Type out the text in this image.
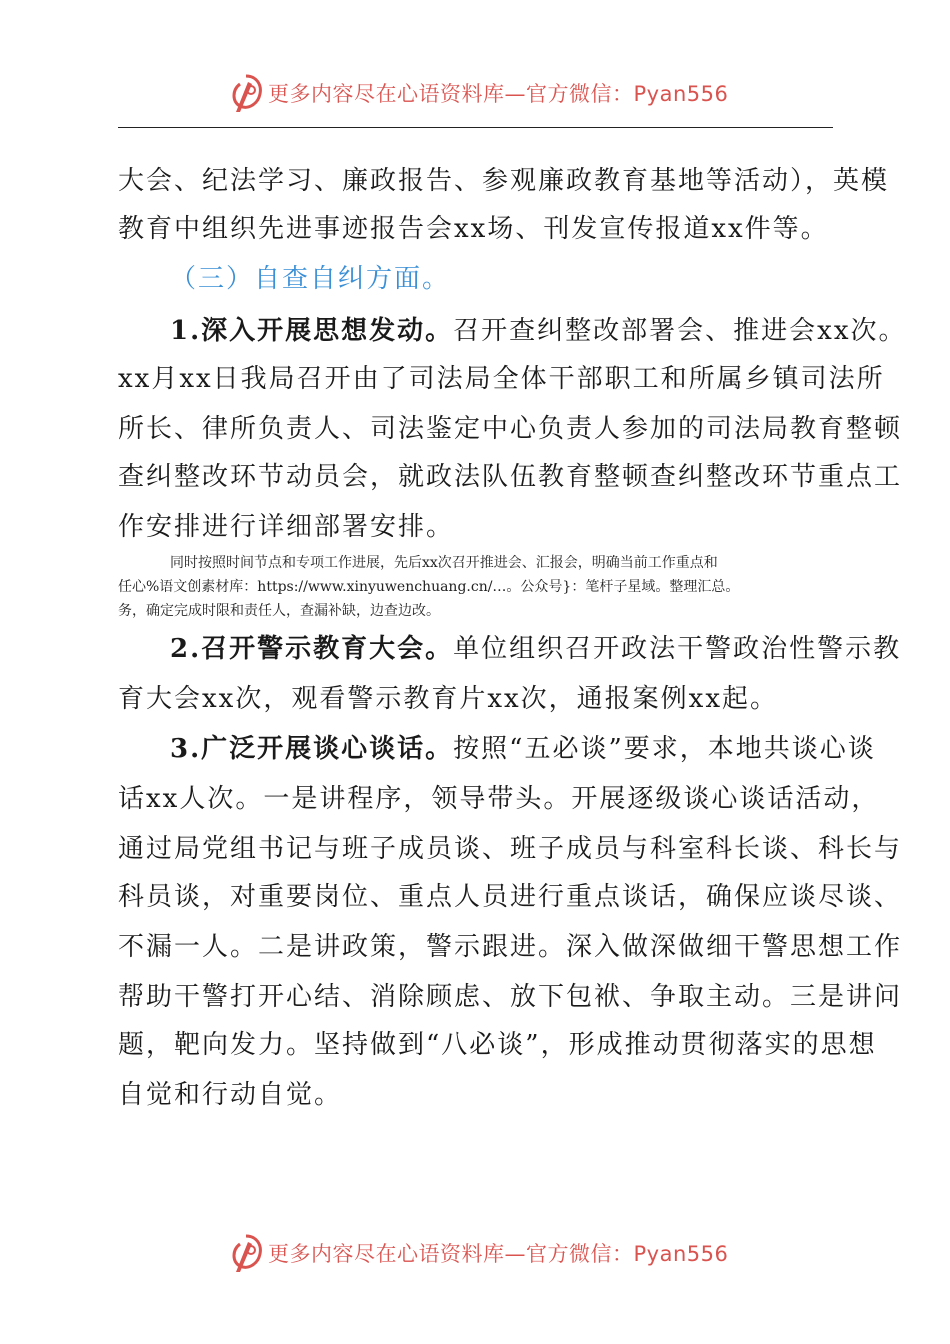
更多内容尽在心语资料库—官方微信：Pyan556
大会、纪法学习、廉政报告、参观廉政教育基地等活动），英模
教育中组织先进事迹报告会xx场、刊发宣传报道xx件等。
（三）自查自纠方面。
1.深入开展思想发动。召开查纠整改部署会、推进会xx次。
xx月xx日我局召开由了司法局全体干部职工和所属乡镇司法所
所长、律所负责人、司法鉴定中心负责人参加的司法局教育整顿
查纠整改环节动员会，就政法队伍教育整顿查纠整改环节重点工
作安排进行详细部署安排。
同时按照时间节点和专项工作进展，先后xx次召开推进会、汇报会，明确当前工作重点和
任心%语文创素材库：https://www.xinyuwenchuang.cn/…。公众号}：笔杆子星域。整理汇总。
务，确定完成时限和责任人，查漏补缺，边查边改。
2.召开警示教育大会。单位组织召开政法干警政治性警示教
育大会xx次，观看警示教育片xx次，通报案例xx起。
3.广泛开展谈心谈话。按照“五必谈”要求，本地共谈心谈
话xx人次。一是讲程序，领导带头。开展逐级谈心谈话活动，
通过局党组书记与班子成员谈、班子成员与科室科长谈、科长与
科员谈，对重要岗位、重点人员进行重点谈话，确保应谈尽谈、
不漏一人。二是讲政策，警示跟进。深入做深做细干警思想工作
帮助干警打开心结、消除顾虑、放下包袱、争取主动。三是讲问
题，靶向发力。坚持做到“八必谈”，形成推动贯彻落实的思想
自觉和行动自觉。
更多内容尽在心语资料库—官方微信：Pyan556
